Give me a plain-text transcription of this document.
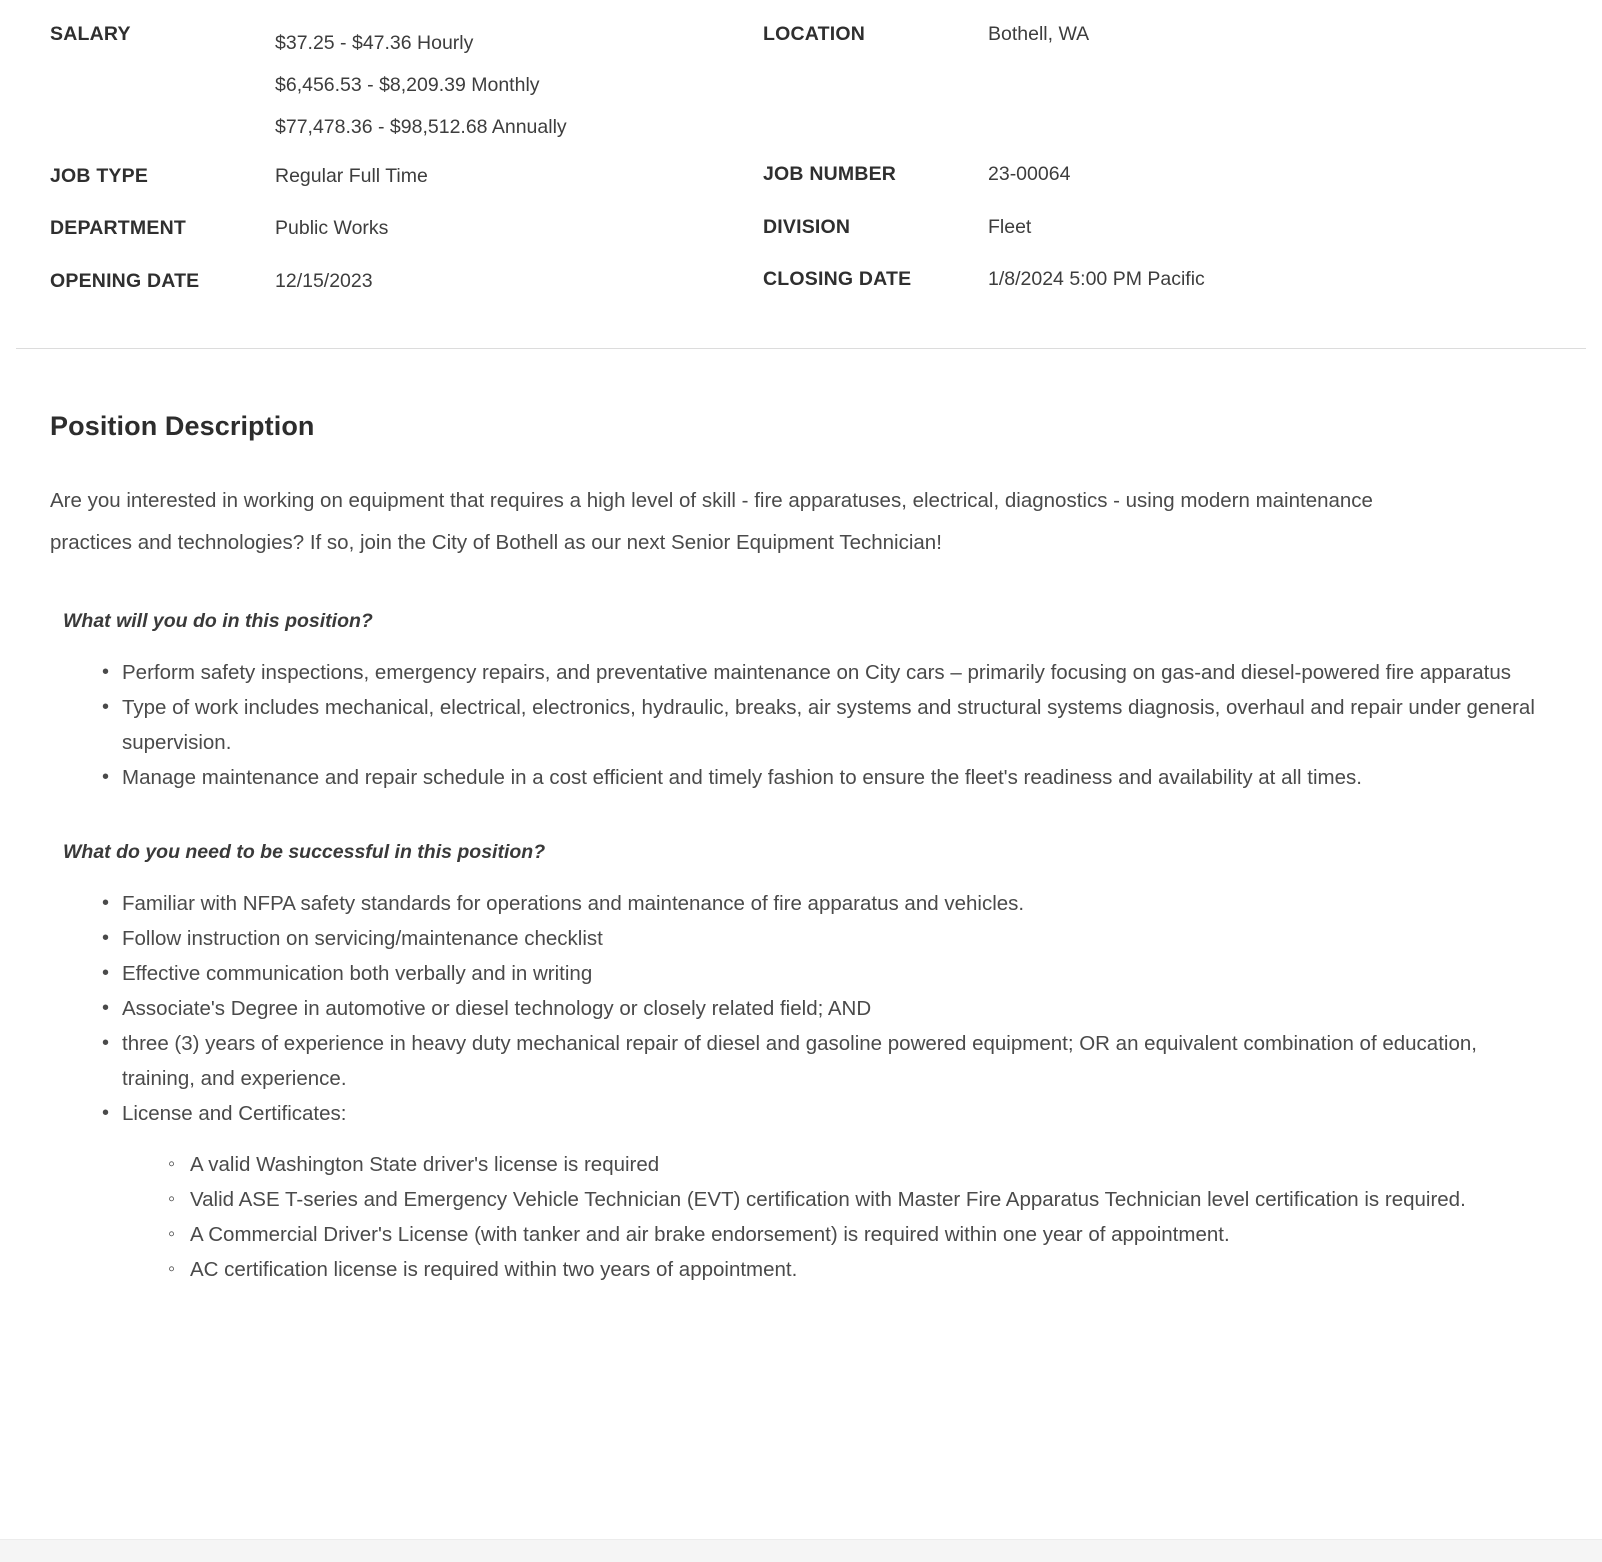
SALARY	$37.25 - $47.36 Hourly
$6,456.53 - $8,209.39 Monthly
$77,478.36 - $98,512.68 Annually
JOB TYPE	Regular Full Time
DEPARTMENT	Public Works
OPENING DATE	12/15/2023
LOCATION	Bothell, WA
JOB NUMBER	23-00064
DIVISION	Fleet
CLOSING DATE	1/8/2024 5:00 PM Pacific
Position Description

Are you interested in working on equipment that requires a high level of skill - fire apparatuses, electrical, diagnostics - using modern maintenance practices and technologies? If so, join the City of Bothell as our next Senior Equipment Technician!

What will you do in this position?
• Perform safety inspections, emergency repairs, and preventative maintenance on City cars – primarily focusing on gas-and diesel-powered fire apparatus
• Type of work includes mechanical, electrical, electronics, hydraulic, breaks, air systems and structural systems diagnosis, overhaul and repair under general supervision.
• Manage maintenance and repair schedule in a cost efficient and timely fashion to ensure the fleet's readiness and availability at all times.
What do you need to be successful in this position?
• Familiar with NFPA safety standards for operations and maintenance of fire apparatus and vehicles.
• Follow instruction on servicing/maintenance checklist
• Effective communication both verbally and in writing
• Associate's Degree in automotive or diesel technology or closely related field; AND
• three (3) years of experience in heavy duty mechanical repair of diesel and gasoline powered equipment; OR an equivalent combination of education, training, and experience.
• License and Certificates:
◦ A valid Washington State driver's license is required
◦ Valid ASE T-series and Emergency Vehicle Technician (EVT) certification with Master Fire Apparatus Technician level certification is required.
◦ A Commercial Driver's License (with tanker and air brake endorsement) is required within one year of appointment.
◦ AC certification license is required within two years of appointment.
